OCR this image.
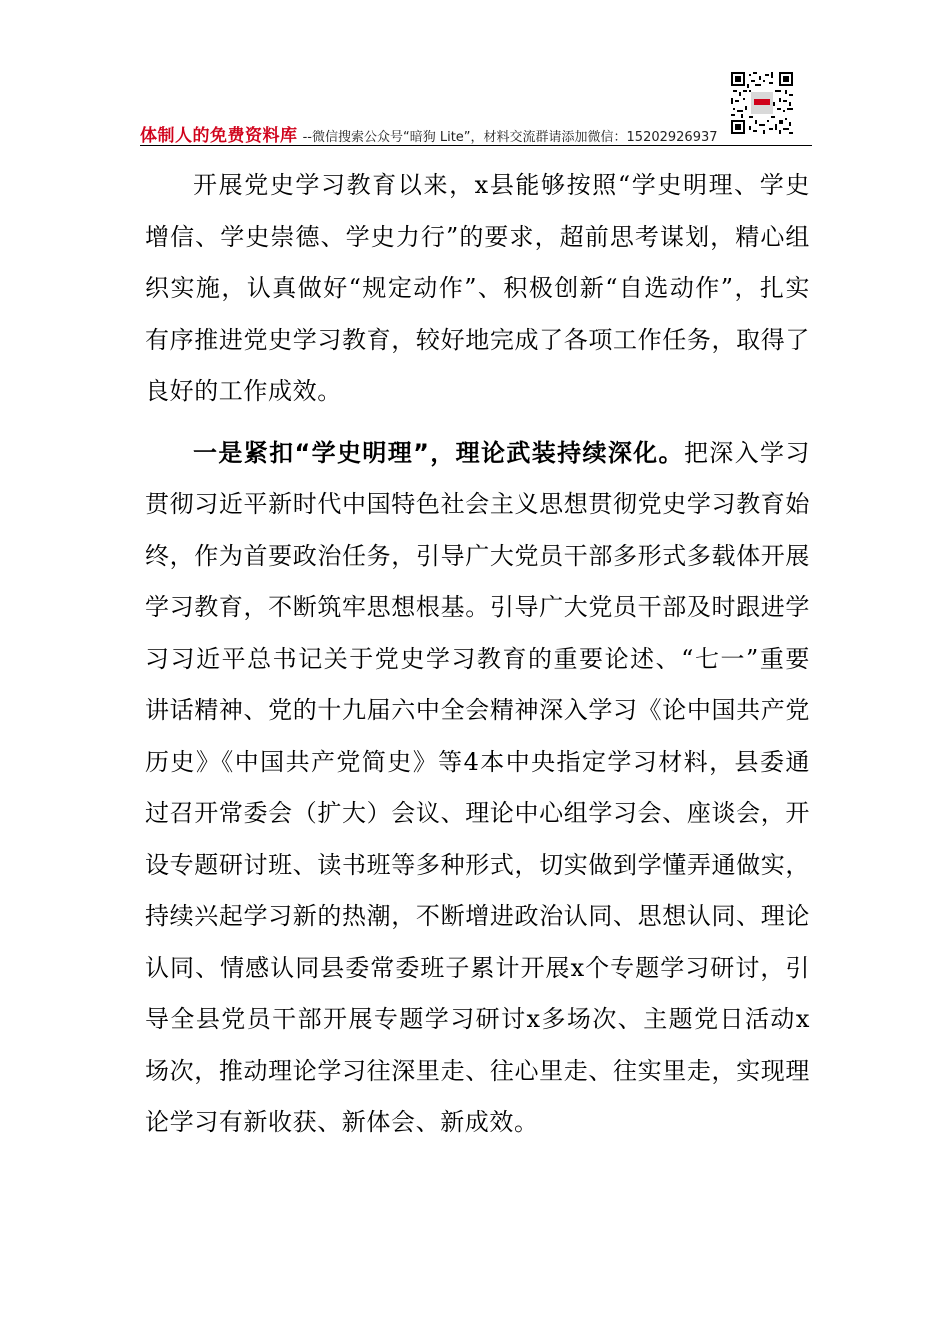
体制人的免费资料库 --微信搜索公众号“暗狗 Lite”，材料交流群请添加微信：15202926937

开展党史学习教育以来，x县能够按照“学史明理、学史增信、学史崇德、学史力行”的要求，超前思考谋划，精心组织实施，认真做好“规定动作”、积极创新“自选动作”，扎实有序推进党史学习教育，较好地完成了各项工作任务，取得了良好的工作成效。

一是紧扣“学史明理”，理论武装持续深化。把深入学习贯彻习近平新时代中国特色社会主义思想贯彻党史学习教育始终，作为首要政治任务，引导广大党员干部多形式多载体开展学习教育，不断筑牢思想根基。引导广大党员干部及时跟进学习习近平总书记关于党史学习教育的重要论述、“七一”重要讲话精神、党的十九届六中全会精神深入学习《论中国共产党历史》《中国共产党简史》等4本中央指定学习材料，县委通过召开常委会（扩大）会议、理论中心组学习会、座谈会，开设专题研讨班、读书班等多种形式，切实做到学懂弄通做实，持续兴起学习新的热潮，不断增进政治认同、思想认同、理论认同、情感认同县委常委班子累计开展x个专题学习研讨，引导全县党员干部开展专题学习研讨x多场次、主题党日活动x场次，推动理论学习往深里走、往心里走、往实里走，实现理论学习有新收获、新体会、新成效。
